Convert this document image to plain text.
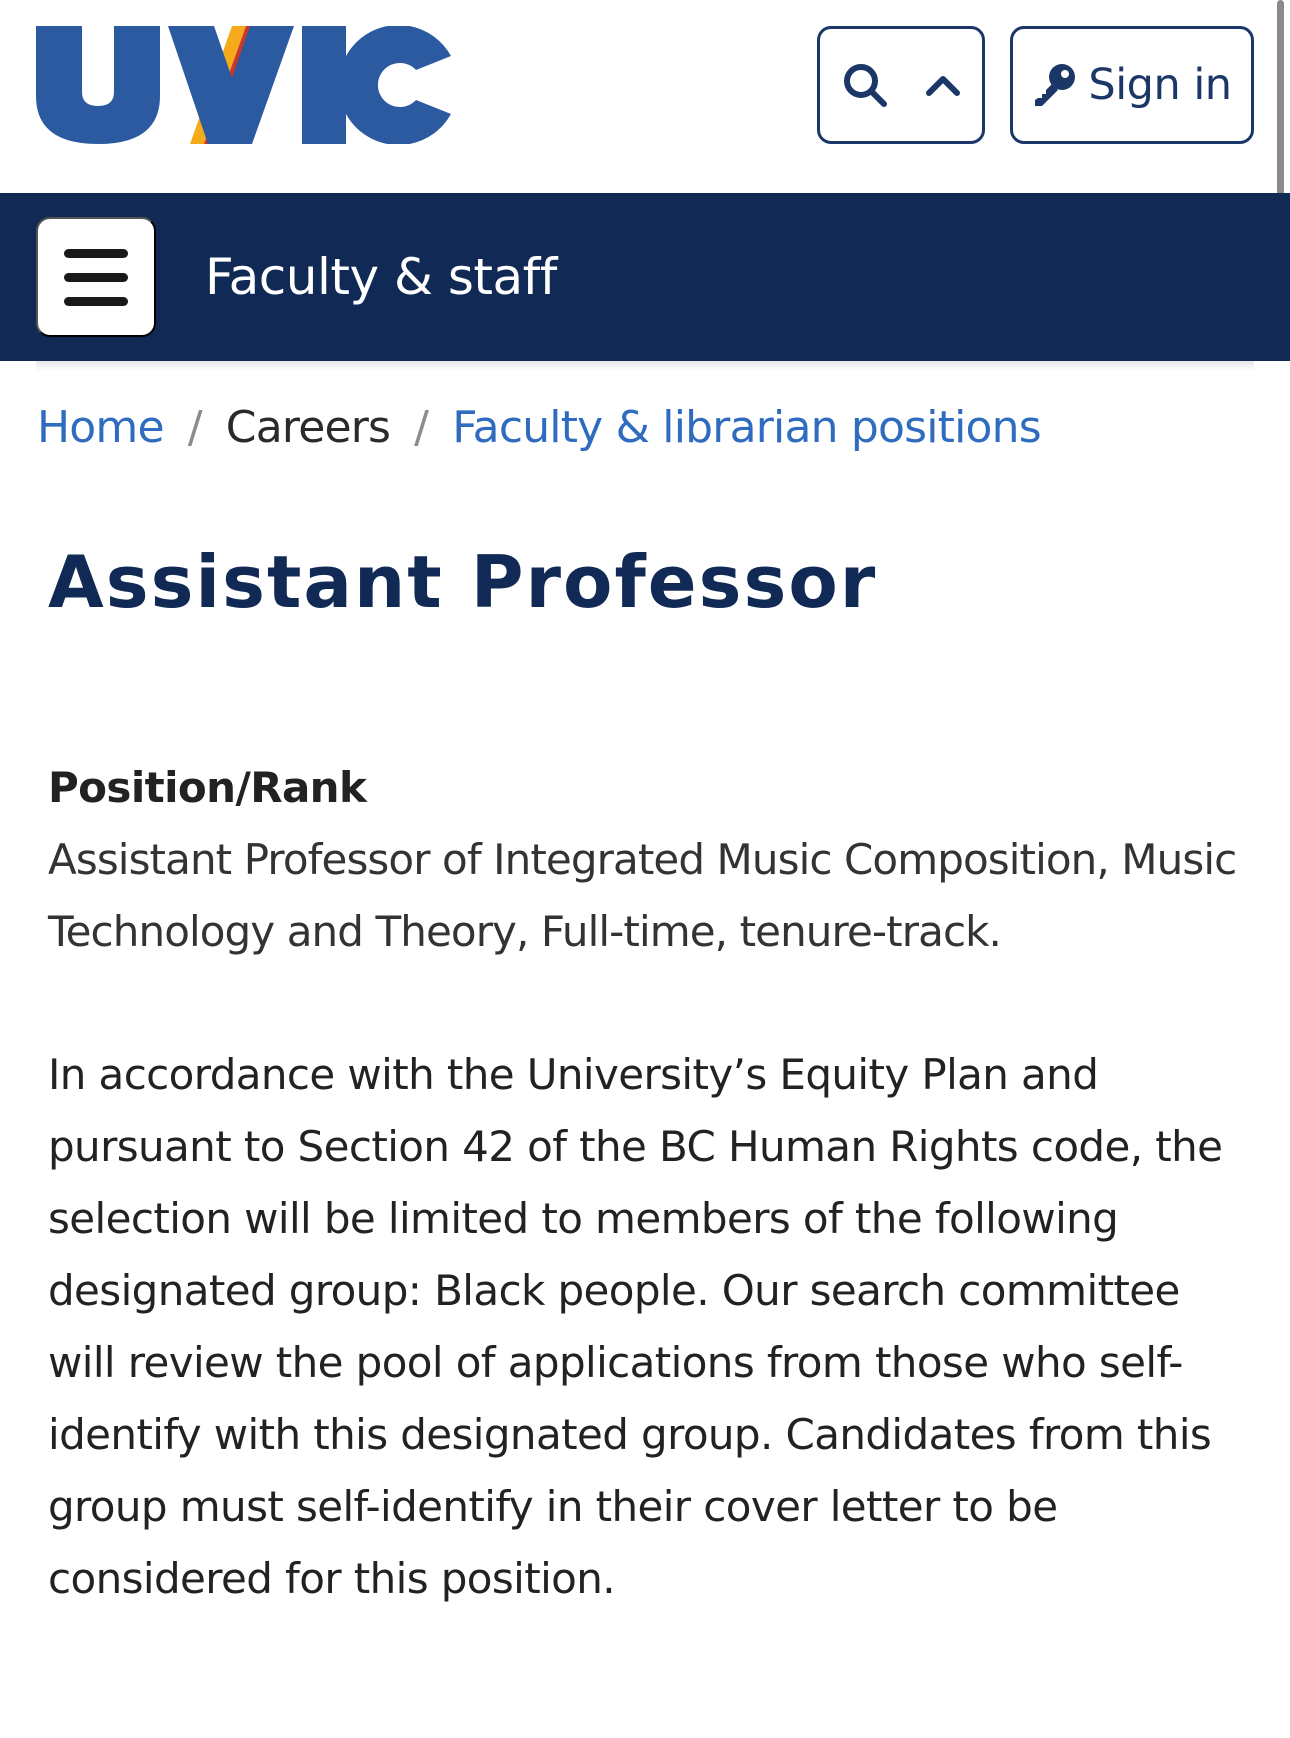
Sign in
Faculty & staff
Home / Careers / Faculty & librarian positions
Assistant Professor
Position/Rank
Assistant Professor of Integrated Music Composition, Music Technology and Theory, Full-time, tenure-track.

In accordance with the University’s Equity Plan and pursuant to Section 42 of the BC Human Rights code, the selection will be limited to members of the following designated group: Black people. Our search committee will review the pool of applications from those who self-identify with this designated group. Candidates from this group must self-identify in their cover letter to be considered for this position.
